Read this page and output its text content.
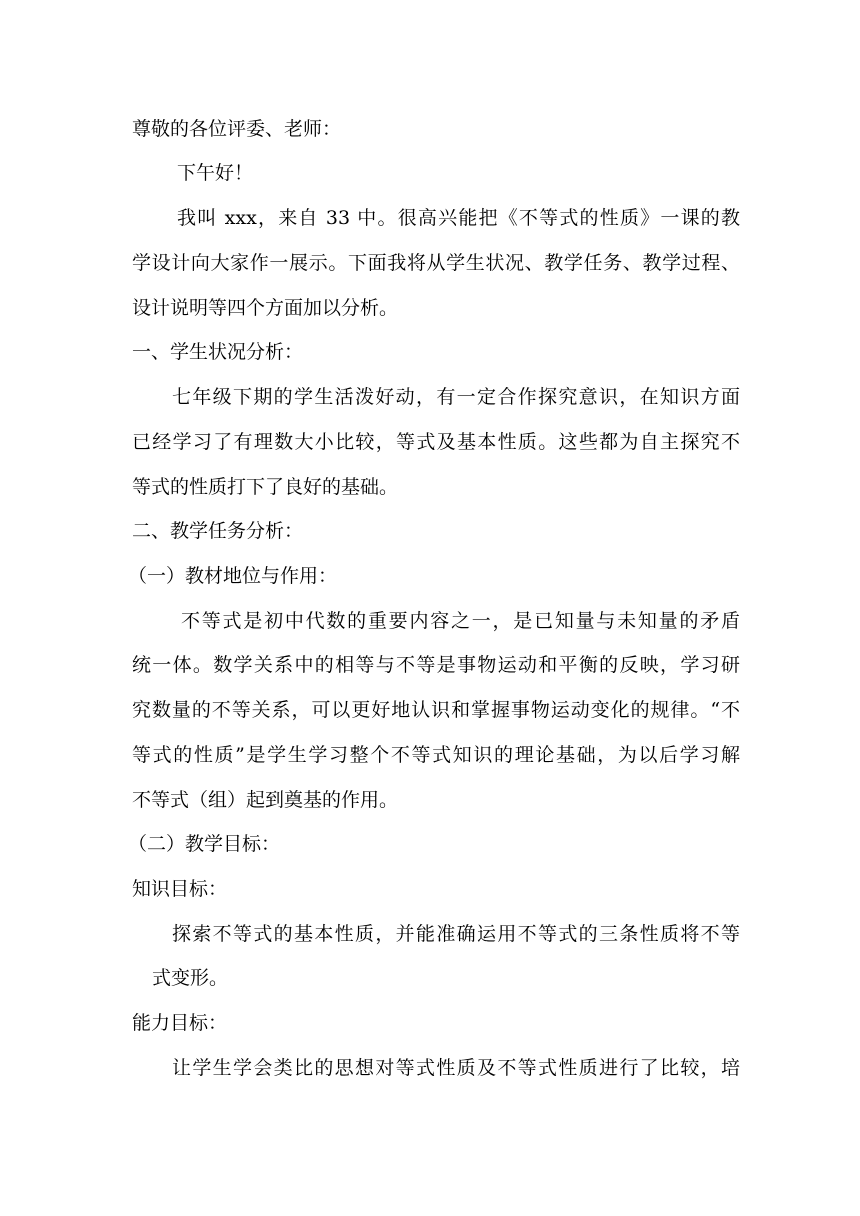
尊敬的各位评委、老师：
下午好！
我叫 xxx，来自 33 中。很高兴能把《不等式的性质》一课的教
学设计向大家作一展示。下面我将从学生状况、教学任务、教学过程、
设计说明等四个方面加以分析。
一、学生状况分析：
七年级下期的学生活泼好动，有一定合作探究意识，在知识方面
已经学习了有理数大小比较，等式及基本性质。这些都为自主探究不
等式的性质打下了良好的基础。
二、教学任务分析：
（一）教材地位与作用：
不等式是初中代数的重要内容之一，是已知量与未知量的矛盾
统一体。数学关系中的相等与不等是事物运动和平衡的反映，学习研
究数量的不等关系，可以更好地认识和掌握事物运动变化的规律。“不
等式的性质”是学生学习整个不等式知识的理论基础，为以后学习解
不等式（组）起到奠基的作用。
（二）教学目标：
知识目标：
探索不等式的基本性质，并能准确运用不等式的三条性质将不等
式变形。
能力目标：
让学生学会类比的思想对等式性质及不等式性质进行了比较，培
